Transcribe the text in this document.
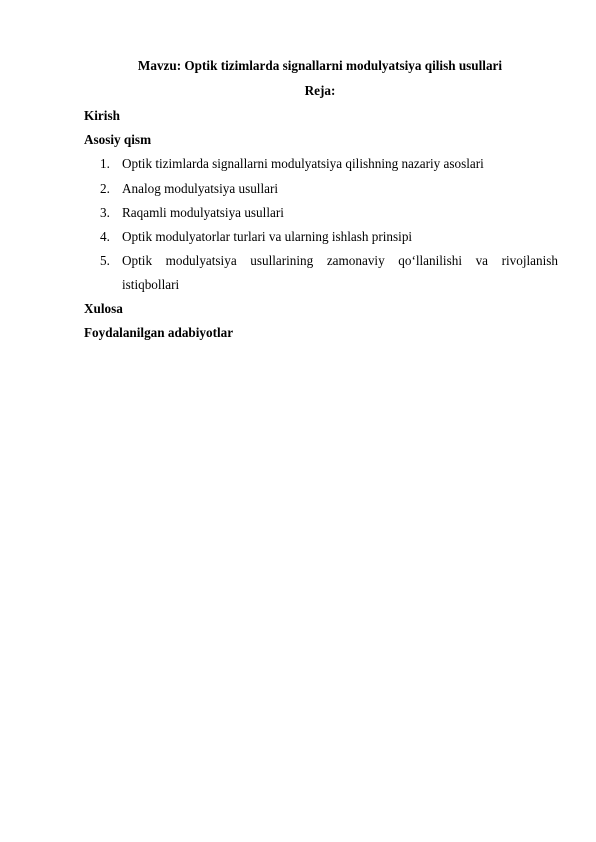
Mavzu: Optik tizimlarda signallarni modulyatsiya qilish usullari
Reja:
Kirish
Asosiy qism
1. Optik tizimlarda signallarni modulyatsiya qilishning nazariy asoslari
2. Analog modulyatsiya usullari
3. Raqamli modulyatsiya usullari
4. Optik modulyatorlar turlari va ularning ishlash prinsipi
5. Optik modulyatsiya usullarining zamonaviy qo‘llanilishi va rivojlanish
istiqbollari
Xulosa
Foydalanilgan adabiyotlar
